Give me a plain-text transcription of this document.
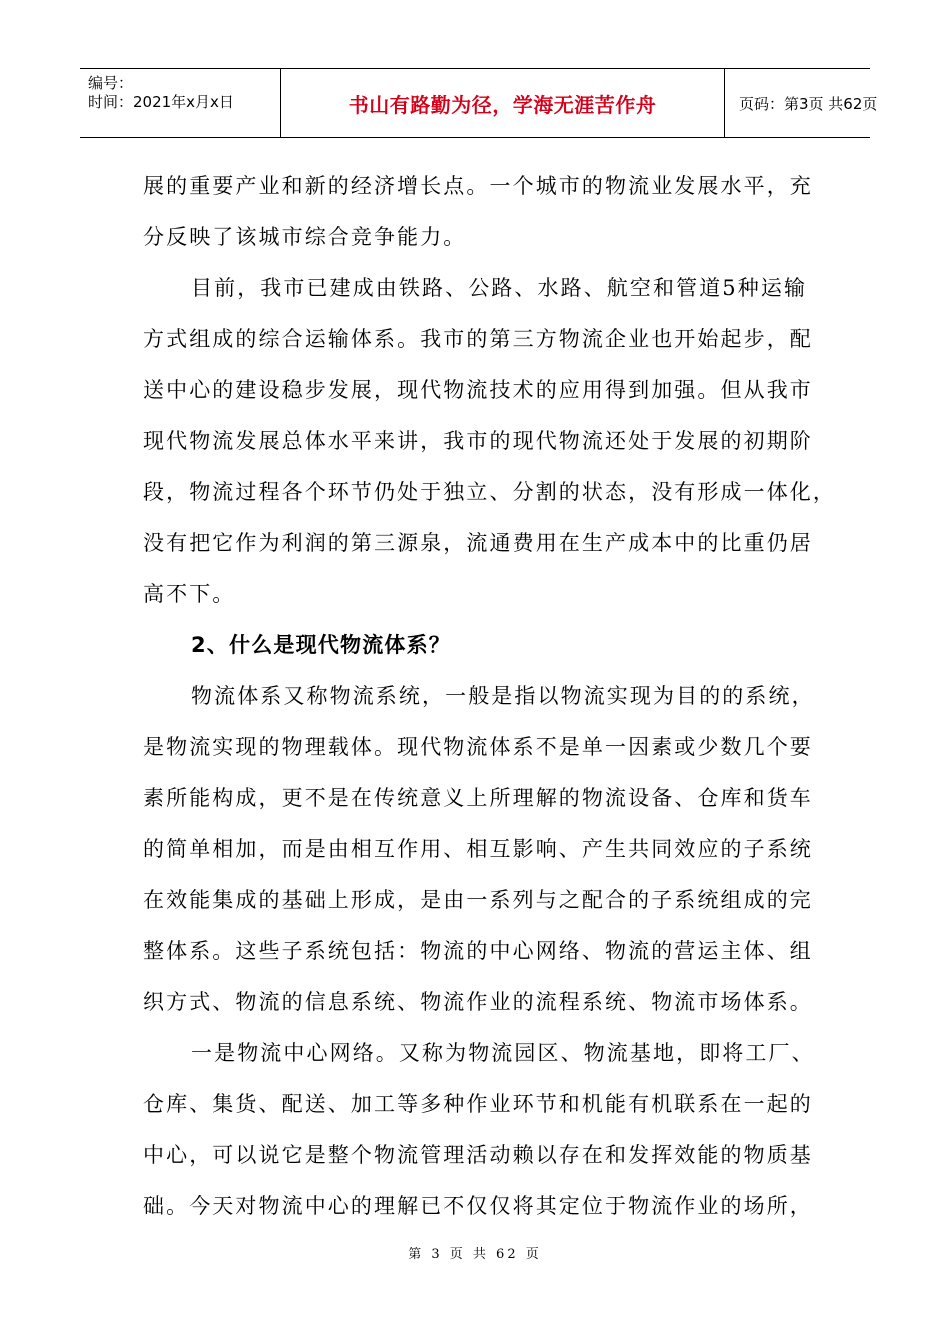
编号：
时间：2021年x月x日	书山有路勤为径，学海无涯苦作舟	页码：第3页 共62页
展的重要产业和新的经济增长点。一个城市的物流业发展水平，充
分反映了该城市综合竞争能力。
目前，我市已建成由铁路、公路、水路、航空和管道5种运输
方式组成的综合运输体系。我市的第三方物流企业也开始起步，配
送中心的建设稳步发展，现代物流技术的应用得到加强。但从我市
现代物流发展总体水平来讲，我市的现代物流还处于发展的初期阶
段，物流过程各个环节仍处于独立、分割的状态，没有形成一体化，
没有把它作为利润的第三源泉，流通费用在生产成本中的比重仍居
高不下。
2、什么是现代物流体系？
物流体系又称物流系统，一般是指以物流实现为目的的系统，
是物流实现的物理载体。现代物流体系不是单一因素或少数几个要
素所能构成，更不是在传统意义上所理解的物流设备、仓库和货车
的简单相加，而是由相互作用、相互影响、产生共同效应的子系统
在效能集成的基础上形成，是由一系列与之配合的子系统组成的完
整体系。这些子系统包括：物流的中心网络、物流的营运主体、组
织方式、物流的信息系统、物流作业的流程系统、物流市场体系。
一是物流中心网络。又称为物流园区、物流基地，即将工厂、
仓库、集货、配送、加工等多种作业环节和机能有机联系在一起的
中心，可以说它是整个物流管理活动赖以存在和发挥效能的物质基
础。今天对物流中心的理解已不仅仅将其定位于物流作业的场所，
第 3 页 共 62 页
